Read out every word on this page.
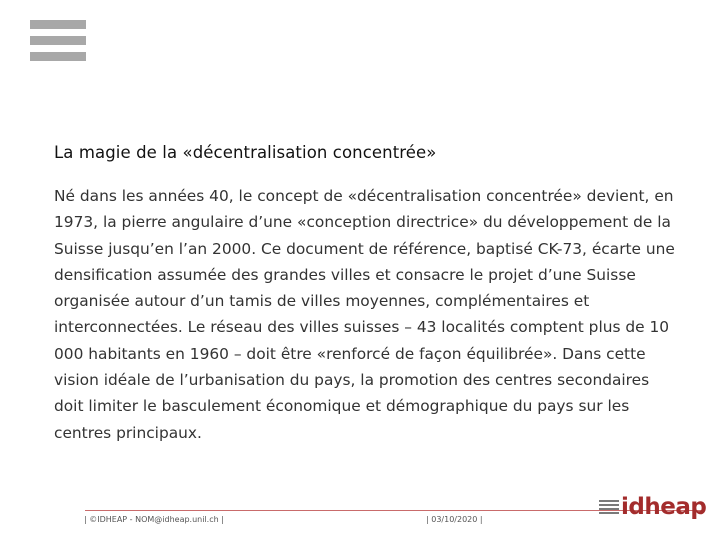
La magie de la «décentralisation concentrée»

Né dans les années 40, le concept de «décentralisation concentrée» devient, en 1973, la pierre angulaire d’une «conception directrice» du développement de la Suisse jusqu’en l’an 2000. Ce document de référence, baptisé CK-73, écarte une densification assumée des grandes villes et consacre le projet d’une Suisse organisée autour d’un tamis de villes moyennes, complémentaires et interconnectées. Le réseau des villes suisses – 43 localités comptent plus de 10 000 habitants en 1960 – doit être «renforcé de façon équilibrée». Dans cette vision idéale de l’urbanisation du pays, la promotion des centres secondaires doit limiter le basculement économique et démographique du pays sur les centres principaux.

| ©IDHEAP - NOM@idheap.unil.ch |	| 03/10/2020 |	idheap
